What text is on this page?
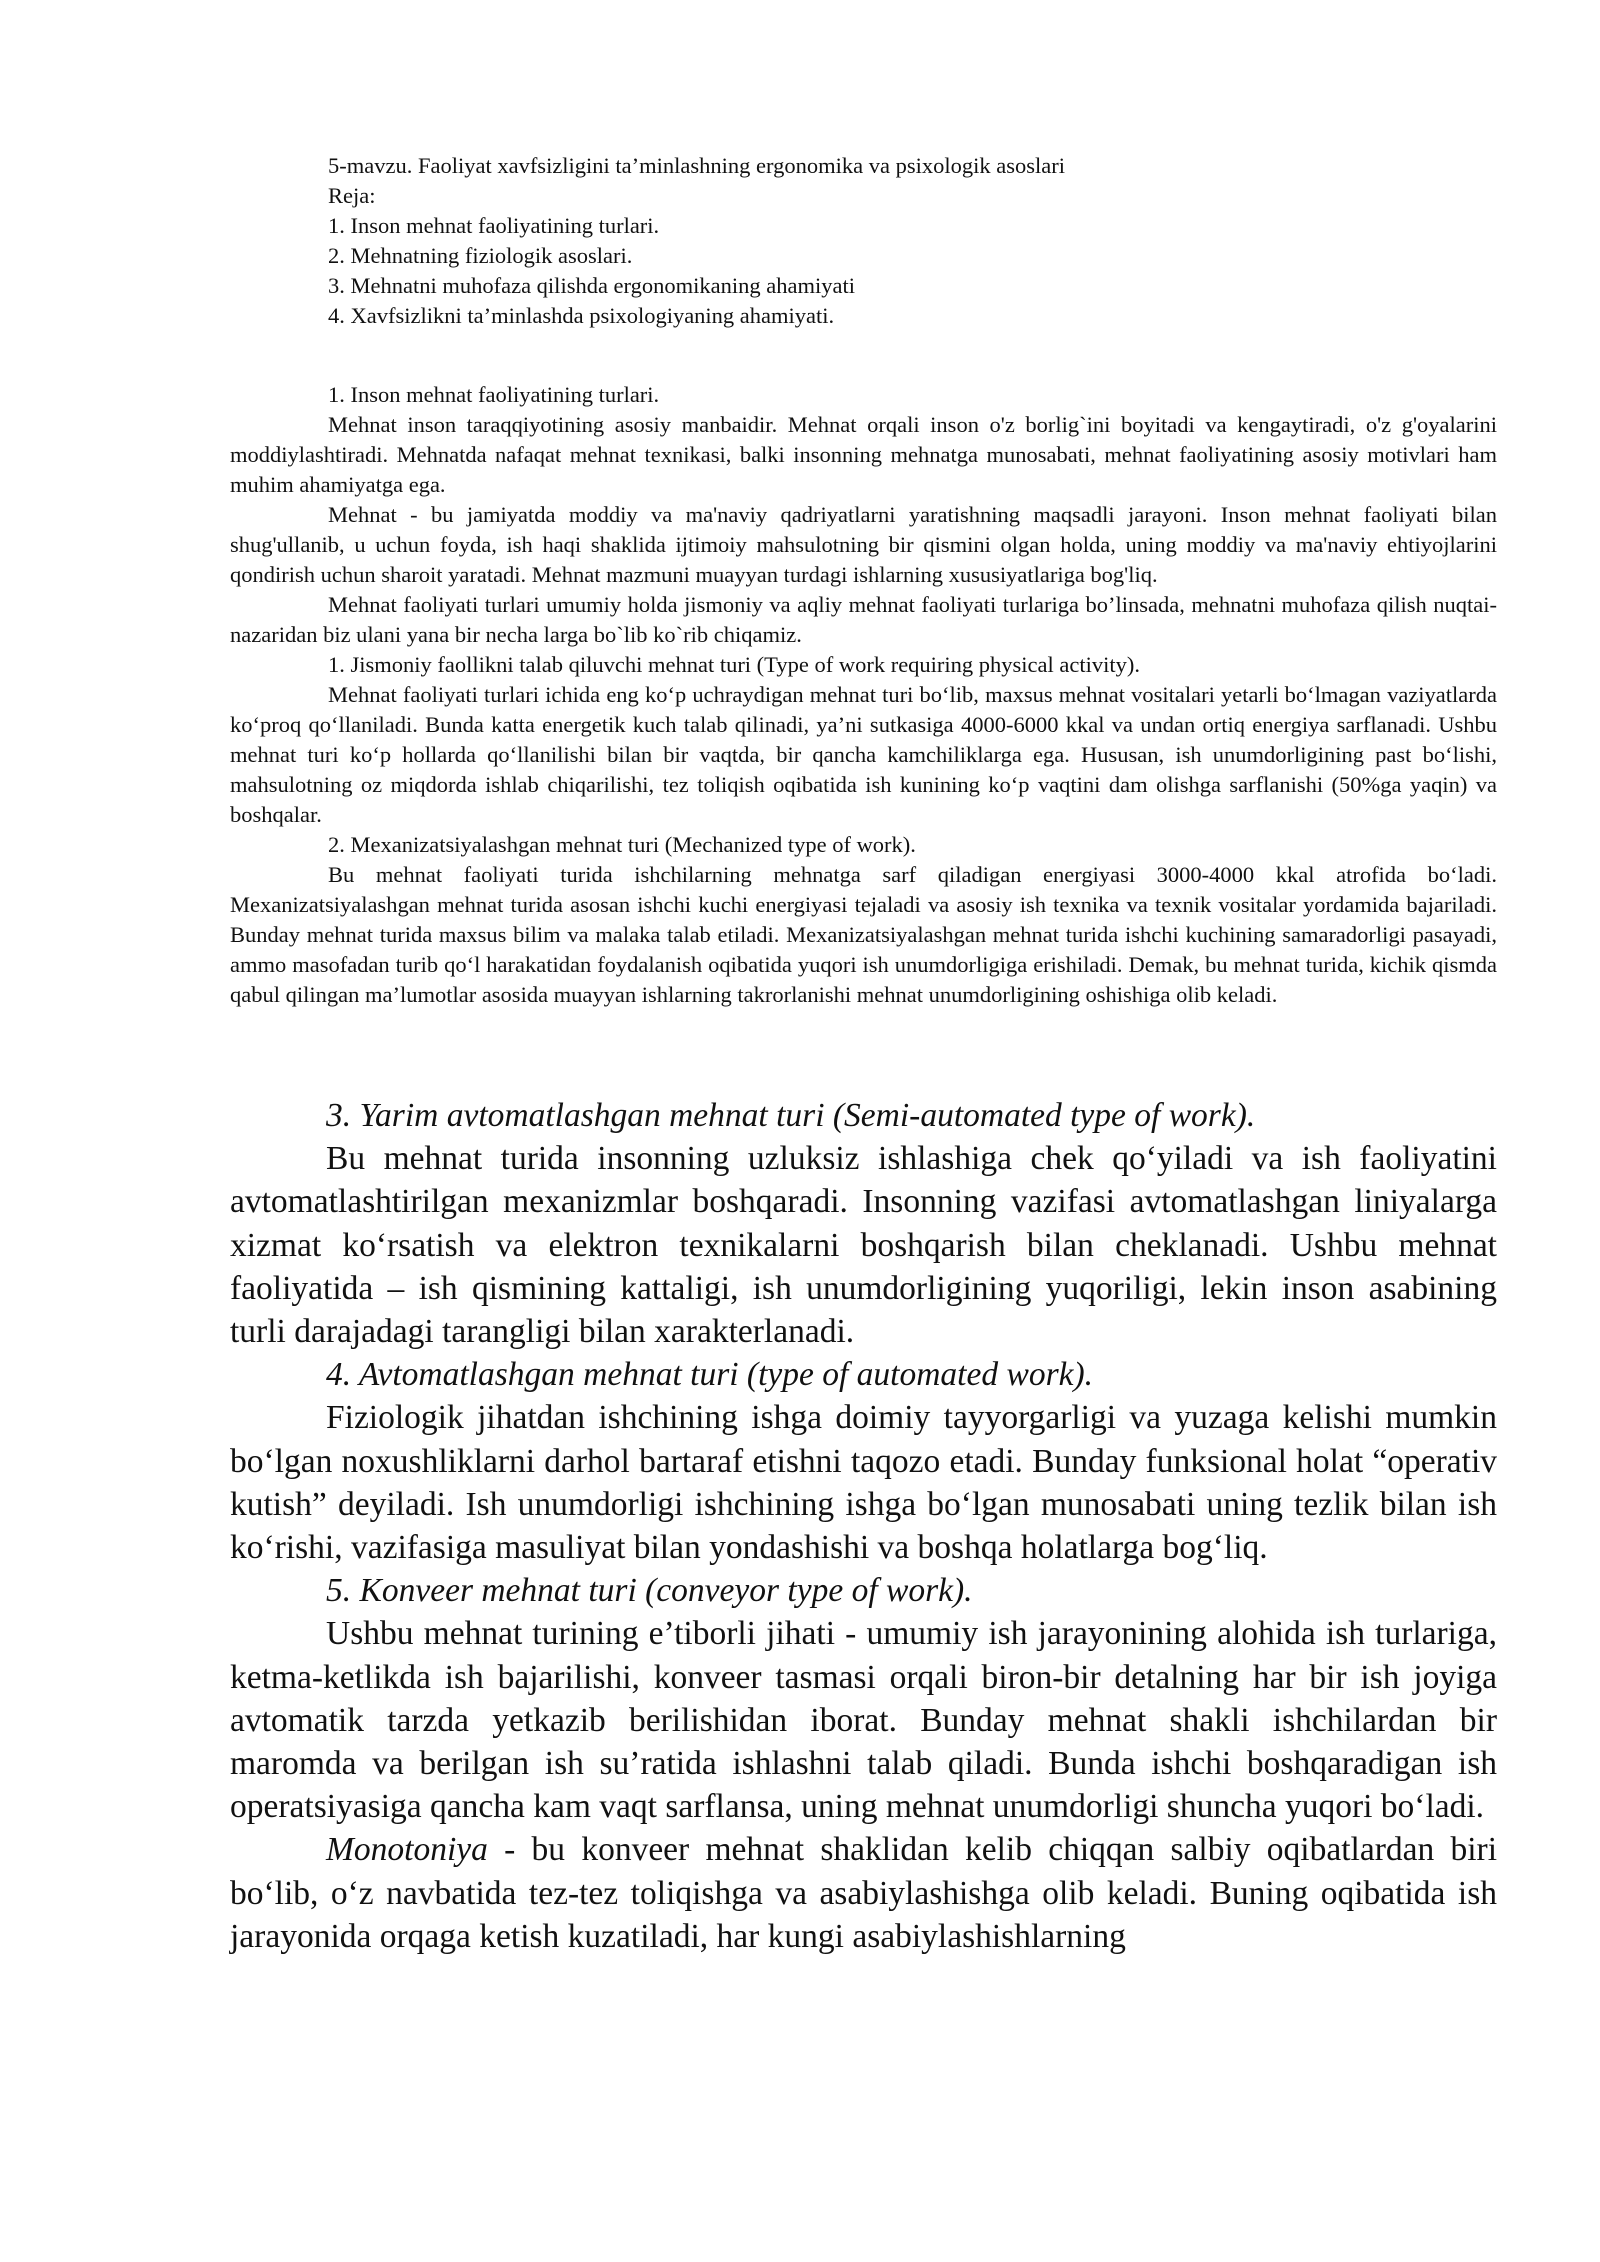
5-mavzu. Faoliyat xavfsizligini ta’minlashning ergonomika va psixologik asoslari
Reja:
1. Inson mehnat faoliyatining turlari.
2. Mehnatning fiziologik asoslari.
3. Mehnatni muhofaza qilishda ergonomikaning ahamiyati
4. Xavfsizlikni ta’minlashda psixologiyaning ahamiyati.

1. Inson mehnat faoliyatining turlari.

Mehnat inson taraqqiyotining asosiy manbaidir. Mehnat orqali inson o'z borlig`ini boyitadi va kengaytiradi, o'z g'oyalarini moddiylashtiradi. Mehnatda nafaqat mehnat texnikasi, balki insonning mehnatga munosabati, mehnat faoliyatining asosiy motivlari ham muhim ahamiyatga ega.

Mehnat - bu jamiyatda moddiy va ma'naviy qadriyatlarni yaratishning maqsadli jarayoni. Inson mehnat faoliyati bilan shug'ullanib, u uchun foyda, ish haqi shaklida ijtimoiy mahsulotning bir qismini olgan holda, uning moddiy va ma'naviy ehtiyojlarini qondirish uchun sharoit yaratadi. Mehnat mazmuni muayyan turdagi ishlarning xususiyatlariga bog'liq.

Mehnat faoliyati turlari umumiy holda jismoniy va aqliy mehnat faoliyati turlariga bo’linsada, mehnatni muhofaza qilish nuqtai-nazaridan biz ulani yana bir necha larga bo`lib ko`rib chiqamiz.

1. Jismoniy faollikni talab qiluvchi mehnat turi (Type of work requiring physical activity).

Mehnat faoliyati turlari ichida eng ko‘p uchraydigan mehnat turi bo‘lib, maxsus mehnat vositalari yetarli bo‘lmagan vaziyatlarda ko‘proq qo‘llaniladi. Bunda katta energetik kuch talab qilinadi, ya’ni sutkasiga 4000-6000 kkal va undan ortiq energiya sarflanadi. Ushbu mehnat turi ko‘p hollarda qo‘llanilishi bilan bir vaqtda, bir qancha kamchiliklarga ega. Hususan, ish unumdorligining past bo‘lishi, mahsulotning oz miqdorda ishlab chiqarilishi, tez toliqish oqibatida ish kunining ko‘p vaqtini dam olishga sarflanishi (50%ga yaqin) va boshqalar.

2. Mexanizatsiyalashgan mehnat turi (Mechanized type of work).

Bu mehnat faoliyati turida ishchilarning mehnatga sarf qiladigan energiyasi 3000-4000 kkal atrofida bo‘ladi. Mexanizatsiyalashgan mehnat turida asosan ishchi kuchi energiyasi tejaladi va asosiy ish texnika va texnik vositalar yordamida bajariladi. Bunday mehnat turida maxsus bilim va malaka talab etiladi. Mexanizatsiyalashgan mehnat turida ishchi kuchining samaradorligi pasayadi, ammo masofadan turib qo‘l harakatidan foydalanish oqibatida yuqori ish unumdorligiga erishiladi. Demak, bu mehnat turida, kichik qismda qabul qilingan ma’lumotlar asosida muayyan ishlarning takrorlanishi mehnat unumdorligining oshishiga olib keladi.

3. Yarim avtomatlashgan mehnat turi (Semi-automated type of work).

Bu mehnat turida insonning uzluksiz ishlashiga chek qo‘yiladi va ish faoliyatini avtomatlashtirilgan mexanizmlar boshqaradi. Insonning vazifasi avtomatlashgan liniyalarga xizmat ko‘rsatish va elektron texnikalarni boshqarish bilan cheklanadi. Ushbu mehnat faoliyatida – ish qismining kattaligi, ish unumdorligining yuqoriligi, lekin inson asabining turli darajadagi tarangligi bilan xarakterlanadi.

4. Avtomatlashgan mehnat turi (type of automated work).

Fiziologik jihatdan ishchining ishga doimiy tayyorgarligi va yuzaga kelishi mumkin bo‘lgan noxushliklarni darhol bartaraf etishni taqozo etadi. Bunday funksional holat “operativ kutish” deyiladi. Ish unumdorligi ishchining ishga bo‘lgan munosabati uning tezlik bilan ish ko‘rishi, vazifasiga masuliyat bilan yondashishi va boshqa holatlarga bog‘liq.

5. Konveer mehnat turi (conveyor type of work).

Ushbu mehnat turining e’tiborli jihati - umumiy ish jarayonining alohida ish turlariga, ketma-ketlikda ish bajarilishi, konveer tasmasi orqali biron-bir detalning har bir ish joyiga avtomatik tarzda yetkazib berilishidan iborat. Bunday mehnat shakli ishchilardan bir maromda va berilgan ish su’ratida ishlashni talab qiladi. Bunda ishchi boshqaradigan ish operatsiyasiga qancha kam vaqt sarflansa, uning mehnat unumdorligi shuncha yuqori bo‘ladi.

Monotoniya - bu konveer mehnat shaklidan kelib chiqqan salbiy oqibatlardan biri bo‘lib, o‘z navbatida tez-tez toliqishga va asabiylashishga olib keladi. Buning oqibatida ish jarayonida orqaga ketish kuzatiladi, har kungi asabiylashishlarning
